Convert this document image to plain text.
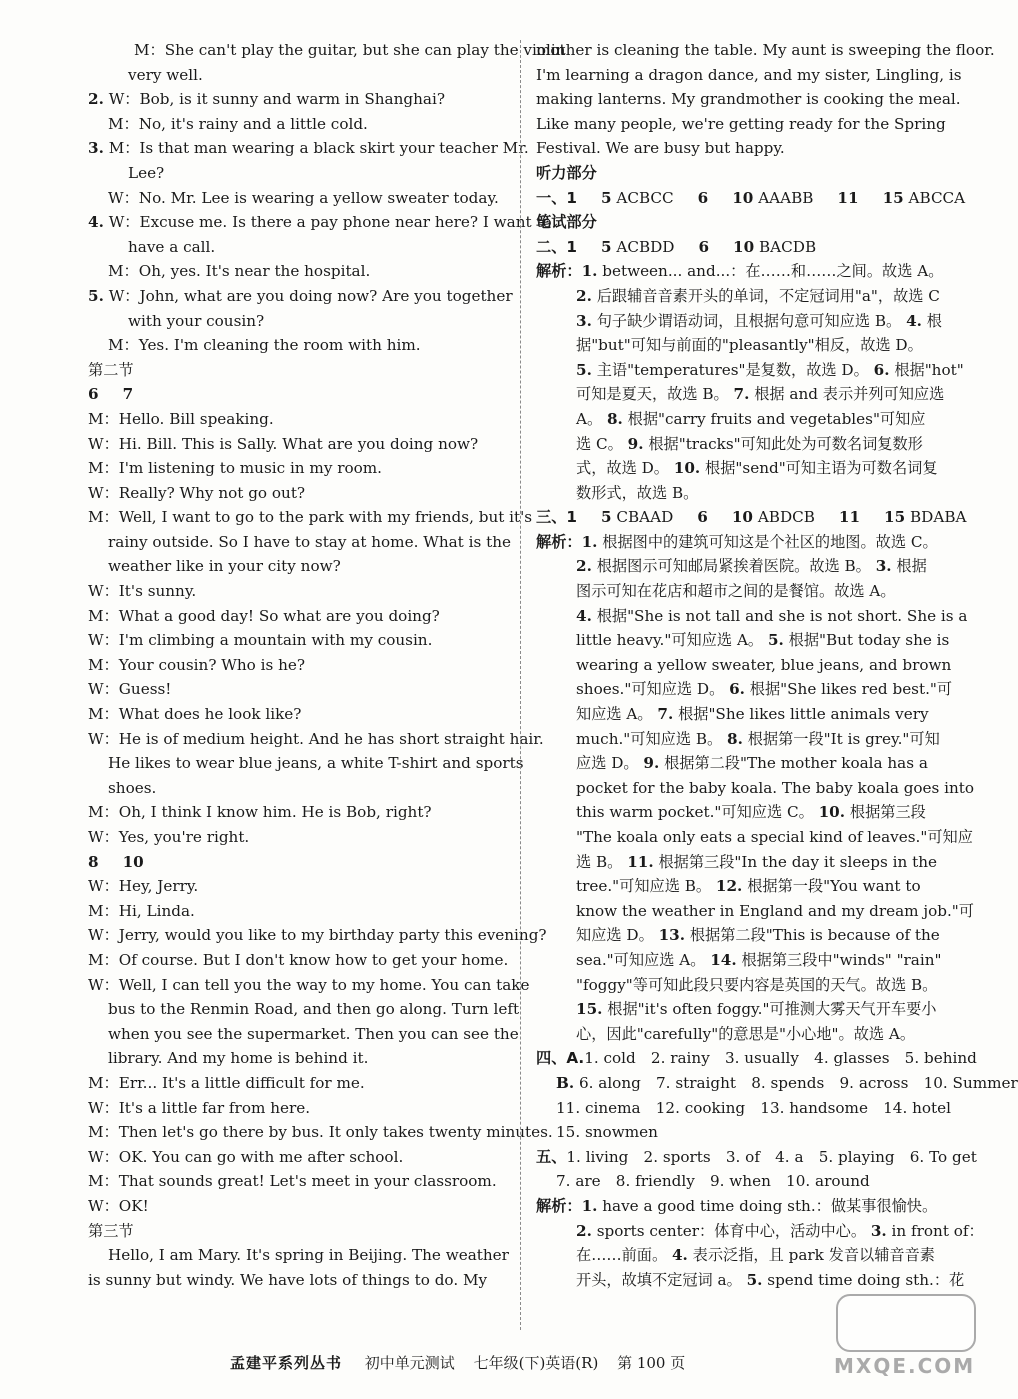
M：She can't play the guitar, but she can play the violin
very well.
2. W：Bob, is it sunny and warm in Shanghai?
M：No, it's rainy and a little cold.
3. M：Is that man wearing a black skirt your teacher Mr.
Lee?
W：No. Mr. Lee is wearing a yellow sweater today.
4. W：Excuse me. Is there a pay phone near here? I want to
have a call.
M：Oh, yes. It's near the hospital.
5. W：John, what are you doing now? Are you together
with your cousin?
M：Yes. I'm cleaning the room with him.
第二节
6 7
M：Hello. Bill speaking.
W：Hi. Bill. This is Sally. What are you doing now?
M：I'm listening to music in my room.
W：Really? Why not go out?
M：Well, I want to go to the park with my friends, but it's
rainy outside. So I have to stay at home. What is the
weather like in your city now?
W：It's sunny.
M：What a good day! So what are you doing?
W：I'm climbing a mountain with my cousin.
M：Your cousin? Who is he?
W：Guess!
M：What does he look like?
W：He is of medium height. And he has short straight hair.
He likes to wear blue jeans, a white T-shirt and sports
shoes.
M：Oh, I think I know him. He is Bob, right?
W：Yes, you're right.
8 10
W：Hey, Jerry.
M：Hi, Linda.
W：Jerry, would you like to my birthday party this evening?
M：Of course. But I don't know how to get your home.
W：Well, I can tell you the way to my home. You can take
bus to the Renmin Road, and then go along. Turn left
when you see the supermarket. Then you can see the
library. And my home is behind it.
M：Err... It's a little difficult for me.
W：It's a little far from here.
M：Then let's go there by bus. It only takes twenty minutes.
W：OK. You can go with me after school.
M：That sounds great! Let's meet in your classroom.
W：OK!
第三节
Hello, I am Mary. It's spring in Beijing. The weather
is sunny but windy. We have lots of things to do. My
mother is cleaning the table. My aunt is sweeping the floor.
I'm learning a dragon dance, and my sister, Lingling, is
making lanterns. My grandmother is cooking the meal.
Like many people, we're getting ready for the Spring
Festival. We are busy but happy.
听力部分
一、1 5 ACBCC 6 10 AAABB 11 15 ABCCA
笔试部分
二、1 5 ACBDD 6 10 BACDB
解析：1. between... and...：在……和……之间。故选 A。
2. 后跟辅音音素开头的单词，不定冠词用"a"，故选 C
3. 句子缺少谓语动词，且根据句意可知应选 B。 4. 根
据"but"可知与前面的"pleasantly"相反，故选 D。
5. 主语"temperatures"是复数，故选 D。 6. 根据"hot"
可知是夏天，故选 B。 7. 根据 and 表示并列可知应选
A。 8. 根据"carry fruits and vegetables"可知应
选 C。 9. 根据"tracks"可知此处为可数名词复数形
式，故选 D。 10. 根据"send"可知主语为可数名词复
数形式，故选 B。
三、1 5 CBAAD 6 10 ABDCB 11 15 BDABA
解析：1. 根据图中的建筑可知这是个社区的地图。故选 C。
2. 根据图示可知邮局紧挨着医院。故选 B。 3. 根据
图示可知在花店和超市之间的是餐馆。故选 A。
4. 根据"She is not tall and she is not short. She is a
little heavy."可知应选 A。 5. 根据"But today she is
wearing a yellow sweater, blue jeans, and brown
shoes."可知应选 D。 6. 根据"She likes red best."可
知应选 A。 7. 根据"She likes little animals very
much."可知应选 B。 8. 根据第一段"It is grey."可知
应选 D。 9. 根据第二段"The mother koala has a
pocket for the baby koala. The baby koala goes into
this warm pocket."可知应选 C。 10. 根据第三段
"The koala only eats a special kind of leaves."可知应
选 B。 11. 根据第三段"In the day it sleeps in the
tree."可知应选 B。 12. 根据第一段"You want to
know the weather in England and my dream job."可
知应选 D。 13. 根据第二段"This is because of the
sea."可知应选 A。 14. 根据第三段中"winds" "rain"
"foggy"等可知此段只要内容是英国的天气。故选 B。
15. 根据"it's often foggy."可推测大雾天气开车要小
心，因此"carefully"的意思是"小心地"。故选 A。
四、A.1. cold　2. rainy　3. usually　4. glasses　5. behind
B. 6. along　7. straight　8. spends　9. across　10. Summer
11. cinema　12. cooking　13. handsome　14. hotel
15. snowmen
五、1. living　2. sports　3. of　4. a　5. playing　6. To get
7. are　8. friendly　9. when　10. around
解析：1. have a good time doing sth.：做某事很愉快。
2. sports center：体育中心，活动中心。 3. in front of：
在……前面。 4. 表示泛指，且 park 发音以辅音音素
开头，故填不定冠词 a。 5. spend time doing sth.：花
孟建平系列丛书 初中单元测试 七年级(下)英语(R) 第 100 页	MXQE.COM
